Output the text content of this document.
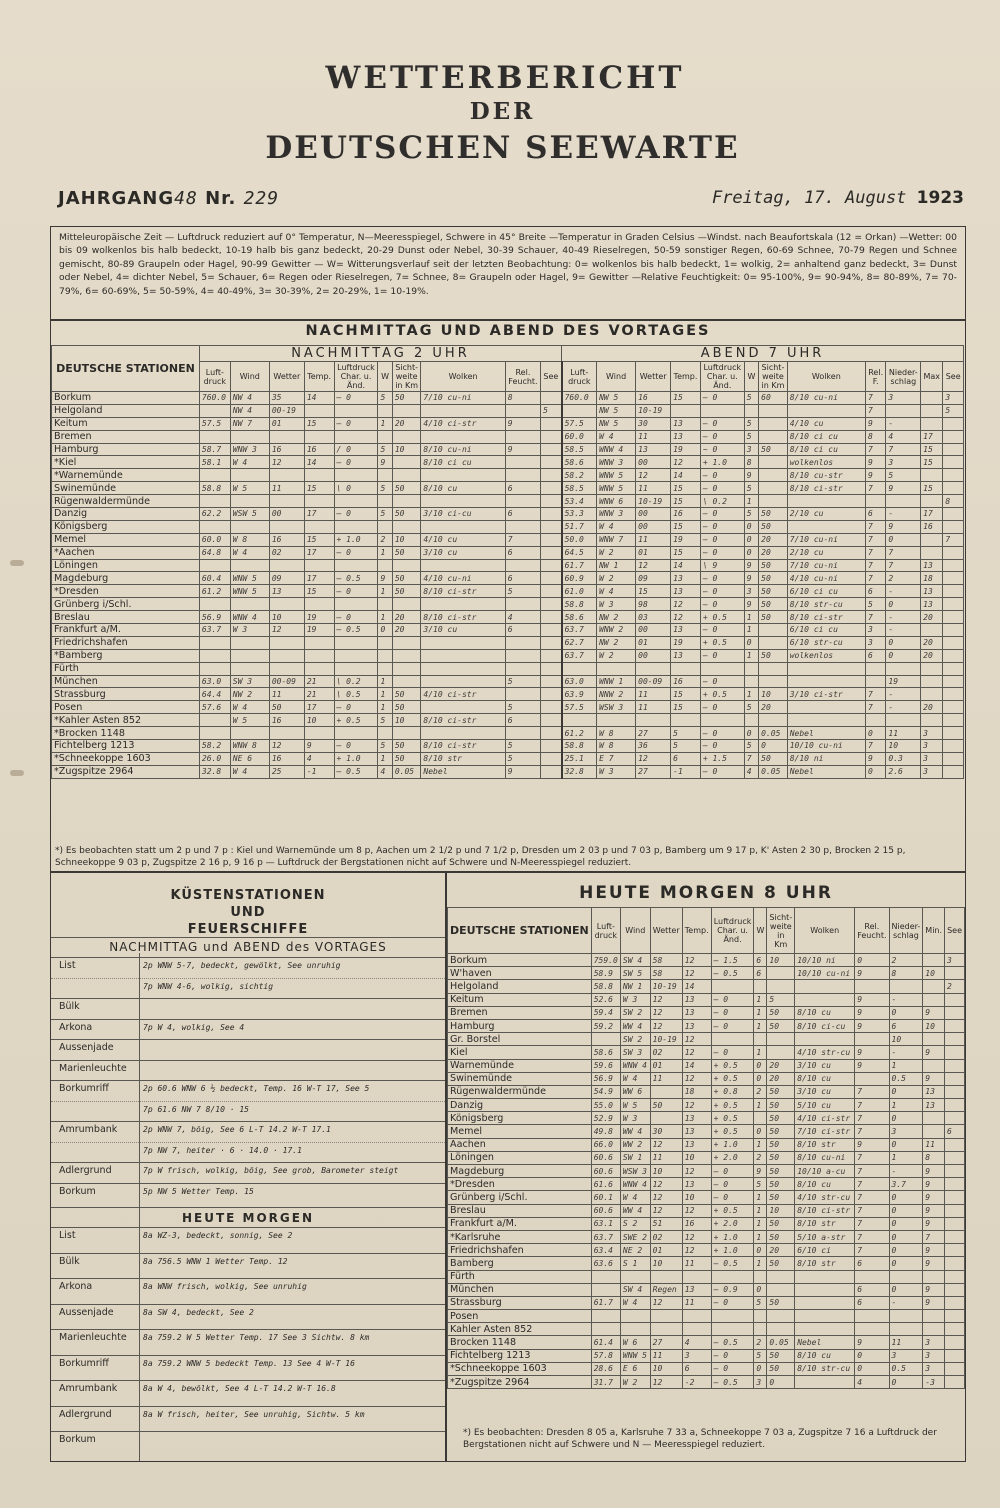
WETTERBERICHT
DER
DEUTSCHEN SEEWARTE
JAHRGANG48 Nr. 229	Freitag, 17. August 1923
Mitteleuropäische Zeit — Luftdruck reduziert auf 0° Temperatur, N—Meeresspiegel, Schwere in 45° Breite —Temperatur in Graden Celsius —Windst. nach Beaufortskala (12 = Orkan) —Wetter: 00 bis 09 wolkenlos bis halb bedeckt, 10-19 halb bis ganz bedeckt, 20-29 Dunst oder Nebel, 30-39 Schauer, 40-49 Rieselregen, 50-59 sonstiger Regen, 60-69 Schnee, 70-79 Regen und Schnee gemischt, 80-89 Graupeln oder Hagel, 90-99 Gewitter — W= Witterungsverlauf seit der letzten Beobachtung: 0= wolkenlos bis halb bedeckt, 1= wolkig, 2= anhaltend ganz bedeckt, 3= Dunst oder Nebel, 4= dichter Nebel, 5= Schauer, 6= Regen oder Rieselregen, 7= Schnee, 8= Graupeln oder Hagel, 9= Gewitter —Relative Feuchtigkeit: 0= 95-100%, 9= 90-94%, 8= 80-89%, 7= 70-79%, 6= 60-69%, 5= 50-59%, 4= 40-49%, 3= 30-39%, 2= 20-29%, 1= 10-19%.
NACHMITTAG UND ABEND DES VORTAGES
DEUTSCHE STATIONEN	NACHMITTAG 2 UHR										ABEND 7 UHR											
	Luft-druck	Wind	Wetter	Temp.	Luftdruck Char. u. Änd.	W	Sicht-weite in Km	Wolken	Rel. Feucht.	See	Luft-druck	Wind	Wetter	Temp.	Luftdruck Char. u. Änd.	W	Sicht-weite in Km	Wolken	Rel. F.	Nieder-schlag	Max	See
Borkum	760.0	NW 4	35	14	— 0	5	50	7/10 cu-ni	8		760.0	NW 5	16	15	— 0	5	60	8/10 cu-ni	7	3		3
Helgoland		NW 4	00-19							5		NW 5	10-19						7			5
Keitum	57.5	NW 7	01	15	— 0	1	20	4/10 ci-str	9		57.5	NW 5	30	13	— 0	5		4/10 cu	9	-		
Bremen											60.0	W 4	11	13	— 0	5		8/10 ci cu	8	4	17	
Hamburg	58.7	WNW 3	16	16	/ 0	5	10	8/10 cu-ni	9		58.5	WNW 4	13	19	~ 0	3	50	8/10 ci cu	7	7	15	
*Kiel	58.1	W 4	12	14	— 0	9		8/10 ci cu			58.6	WNW 3	00	12	+ 1.0	8		wolkenlos	9	3	15	
*Warnemünde											58.2	WNW 5	12	14	— 0	9		8/10 cu-str	9	5		
Swinemünde	58.8	W 5	11	15	\ 0	5	50	8/10 cu	6		58.5	WNW 5	11	15	— 0	5		8/10 ci-str	7	9	15	
Rügenwaldermünde											53.4	WNW 6	10-19	15	\ 0.2	1						8
Danzig	62.2	WSW 5	00	17	— 0	5	50	3/10 ci-cu	6		53.3	WNW 3	00	16	— 0	5	50	2/10 cu	6	-	17	
Königsberg											51.7	W 4	00	15	— 0	0	50		7	9	16	
Memel	60.0	W 8	16	15	+ 1.0	2	10	4/10 cu	7		50.0	WNW 7	11	19	— 0	0	20	7/10 cu-ni	7	0		7
*Aachen	64.8	W 4	02	17	— 0	1	50	3/10 cu	6		64.5	W 2	01	15	— 0	0	20	2/10 cu	7	7		
Löningen											61.7	NW 1	12	14	\ 9	9	50	7/10 cu-ni	7	7	13	
Magdeburg	60.4	WNW 5	09	17	— 0.5	9	50	4/10 cu-ni	6		60.9	W 2	09	13	— 0	9	50	4/10 cu-ni	7	2	18	
*Dresden	61.2	WNW 5	13	15	— 0	1	50	8/10 ci-str	5		61.0	W 4	15	13	— 0	3	50	6/10 ci cu	6	-	13	
Grünberg i/Schl.											58.8	W 3	98	12	— 0	9	50	8/10 str-cu	5	0	13	
Breslau	56.9	WNW 4	10	19	— 0	1	20	8/10 ci-str	4		58.6	NW 2	03	12	+ 0.5	1	50	8/10 ci-str	7	-	20	
Frankfurt a/M.	63.7	W 3	12	19	— 0.5	0	20	3/10 cu	6		63.7	WNW 2	00	13	— 0	1		6/10 ci cu	3	-		
Friedrichshafen											62.7	NW 2	01	19	+ 0.5	0		6/10 str-cu	3	0	20	
*Bamberg											63.7	W 2	00	13	— 0	1	50	wolkenlos	6	0	20	
Fürth																						
München	63.0	SW 3	00-09	21	\ 0.2	1			5		63.0	WNW 1	00-09	16	— 0					19		
Strassburg	64.4	NW 2	11	21	\ 0.5	1	50	4/10 ci-str			63.9	NNW 2	11	15	+ 0.5	1	10	3/10 ci-str	7	-		
Posen	57.6	W 4	50	17	— 0	1	50		5		57.5	WSW 3	11	15	— 0	5	20		7	-	20	
*Kahler Asten 852		W 5	16	10	+ 0.5	5	10	8/10 ci-str	6													
*Brocken 1148											61.2	W 8	27	5	— 0	0	0.05	Nebel	0	11	3	
Fichtelberg 1213	58.2	WNW 8	12	9	— 0	5	50	8/10 ci-str	5		58.8	W 8	36	5	— 0	5	0	10/10 cu-ni	7	10	3	
*Schneekoppe 1603	26.0	NE 6	16	4	+ 1.0	1	50	8/10 str	5		25.1	E 7	12	6	+ 1.5	7	50	8/10 ni	9	0.3	3	
*Zugspitze 2964	32.8	W 4	25	-1	— 0.5	4	0.05	Nebel	9		32.8	W 3	27	-1	— 0	4	0.05	Nebel	0	2.6	3	
*) Es beobachten statt um 2 p und 7 p : Kiel und Warnemünde um 8 p, Aachen um 2 1/2 p und 7 1/2 p, Dresden um 2 03 p und 7 03 p, Bamberg um 9 17 p, K' Asten 2 30 p, Brocken 2 15 p, Schneekoppe 9 03 p, Zugspitze 2 16 p, 9 16 p — Luftdruck der Bergstationen nicht auf Schwere und N-Meeresspiegel reduziert.
KÜSTENSTATIONEN
UND
FEUERSCHIFFE
NACHMITTAG und ABEND des VORTAGES
List	2p WNW 5-7, bedeckt, gewölkt, See unruhig
7p WNW 4-6, wolkig, sichtig
Bülk
Arkona	7p W 4, wolkig, See 4
Aussenjade
Marienleuchte
Borkumriff	2p 60.6 WNW 6 ½ bedeckt, Temp. 16 W-T 17, See 5
7p 61.6 NW 7 8/10 · 15
Amrumbank	2p WNW 7, böig, See 6 L-T 14.2 W-T 17.1
7p NW 7, heiter · 6 · 14.0 · 17.1
Adlergrund	7p W frisch, wolkig, böig, See grob, Barometer steigt
Borkum	5p NW 5 Wetter Temp. 15
HEUTE MORGEN
List	8a WZ-3, bedeckt, sonnig, See 2
Bülk	8a 756.5 WNW 1 Wetter Temp. 12
Arkona	8a WNW frisch, wolkig, See unruhig
Aussenjade	8a SW 4, bedeckt, See 2
Marienleuchte	8a 759.2 W 5 Wetter Temp. 17 See 3 Sichtw. 8 km
Borkumriff	8a 759.2 WNW 5 bedeckt Temp. 13 See 4 W-T 16
Amrumbank	8a W 4, bewölkt, See 4 L-T 14.2 W-T 16.8
Adlergrund	8a W frisch, heiter, See unruhig, Sichtw. 5 km
Borkum
HEUTE MORGEN 8 UHR
DEUTSCHE STATIONEN	Luft-druck	Wind	Wetter	Temp.	Luftdruck Char. u. Änd.	W	Sicht-weite in Km	Wolken	Rel. Feucht.	Nieder-schlag	Min.	See
Borkum	759.0	SW 4	58	12	— 1.5	6	10	10/10 ni	0	2		3
W'haven	58.9	SW 5	58	12	— 0.5	6		10/10 cu-ni	9	8	10	
Helgoland	58.8	NW 1	10-19	14								2
Keitum	52.6	W 3	12	13	— 0	1	5		9	-		
Bremen	59.4	SW 2	12	13	— 0	1	50	8/10 cu	9	0	9	
Hamburg	59.2	WW 4	12	13	— 0	1	50	8/10 ci-cu	9	6	10	
Gr. Borstel		SW 2	10-19	12						10		
Kiel	58.6	SW 3	02	12	— 0	1		4/10 str-cu	9	-	9	
Warnemünde	59.6	WNW 4	01	14	+ 0.5	0	20	3/10 cu	9	1		
Swinemünde	56.9	W 4	11	12	+ 0.5	0	20	8/10 cu		0.5	9	
Rügenwaldermünde	54.9	WW 6		18	+ 0.8	2	50	3/10 cu	7	0	13	
Danzig	55.0	W 5	50	12	+ 0.5	1	50	5/10 cu	7	1	13	
Königsberg	52.9	W 3		13	+ 0.5		50	4/10 ci-str	7	0		
Memel	49.8	WW 4	30	13	+ 0.5	0	50	7/10 ci-str	7	3		6
Aachen	66.0	WW 2	12	13	+ 1.0	1	50	8/10 str	9	0	11	
Löningen	60.6	SW 1	11	10	+ 2.0	2	50	8/10 cu-ni	7	1	8	
Magdeburg	60.6	WSW 3	10	12	— 0	9	50	10/10 a-cu	7	-	9	
*Dresden	61.6	WNW 4	12	13	— 0	5	50	8/10 cu	7	3.7	9	
Grünberg i/Schl.	60.1	W 4	12	10	— 0	1	50	4/10 str-cu	7	0	9	
Breslau	60.6	WW 4	12	12	+ 0.5	1	10	8/10 ci-str	7	0	9	
Frankfurt a/M.	63.1	S 2	51	16	+ 2.0	1	50	8/10 str	7	0	9	
*Karlsruhe	63.7	SWE 2	02	12	+ 1.0	1	50	5/10 a-str	7	0	7	
Friedrichshafen	63.4	NE 2	01	12	+ 1.0	0	20	6/10 ci	7	0	9	
Bamberg	63.6	S 1	10	11	— 0.5	1	50	8/10 str	6	0	9	
Fürth												
München		SW 4	Regen	13	— 0.9	0			6	0	9	
Strassburg	61.7	W 4	12	11	— 0	5	50		6	-	9	
Posen												
Kahler Asten 852												
Brocken 1148	61.4	W 6	27	4	— 0.5	2	0.05	Nebel	9	11	3	
Fichtelberg 1213	57.8	WNW 5	11	3	— 0	5	50	8/10 cu	0	3	3	
*Schneekoppe 1603	28.6	E 6	10	6	— 0	0	50	8/10 str-cu	0	0.5	3	
*Zugspitze 2964	31.7	W 2	12	-2	— 0.5	3	0		4	0	-3	
*) Es beobachten: Dresden 8 05 a, Karlsruhe 7 33 a, Schneekoppe 7 03 a, Zugspitze 7 16 a Luftdruck der Bergstationen nicht auf Schwere und N — Meeresspiegel reduziert.
